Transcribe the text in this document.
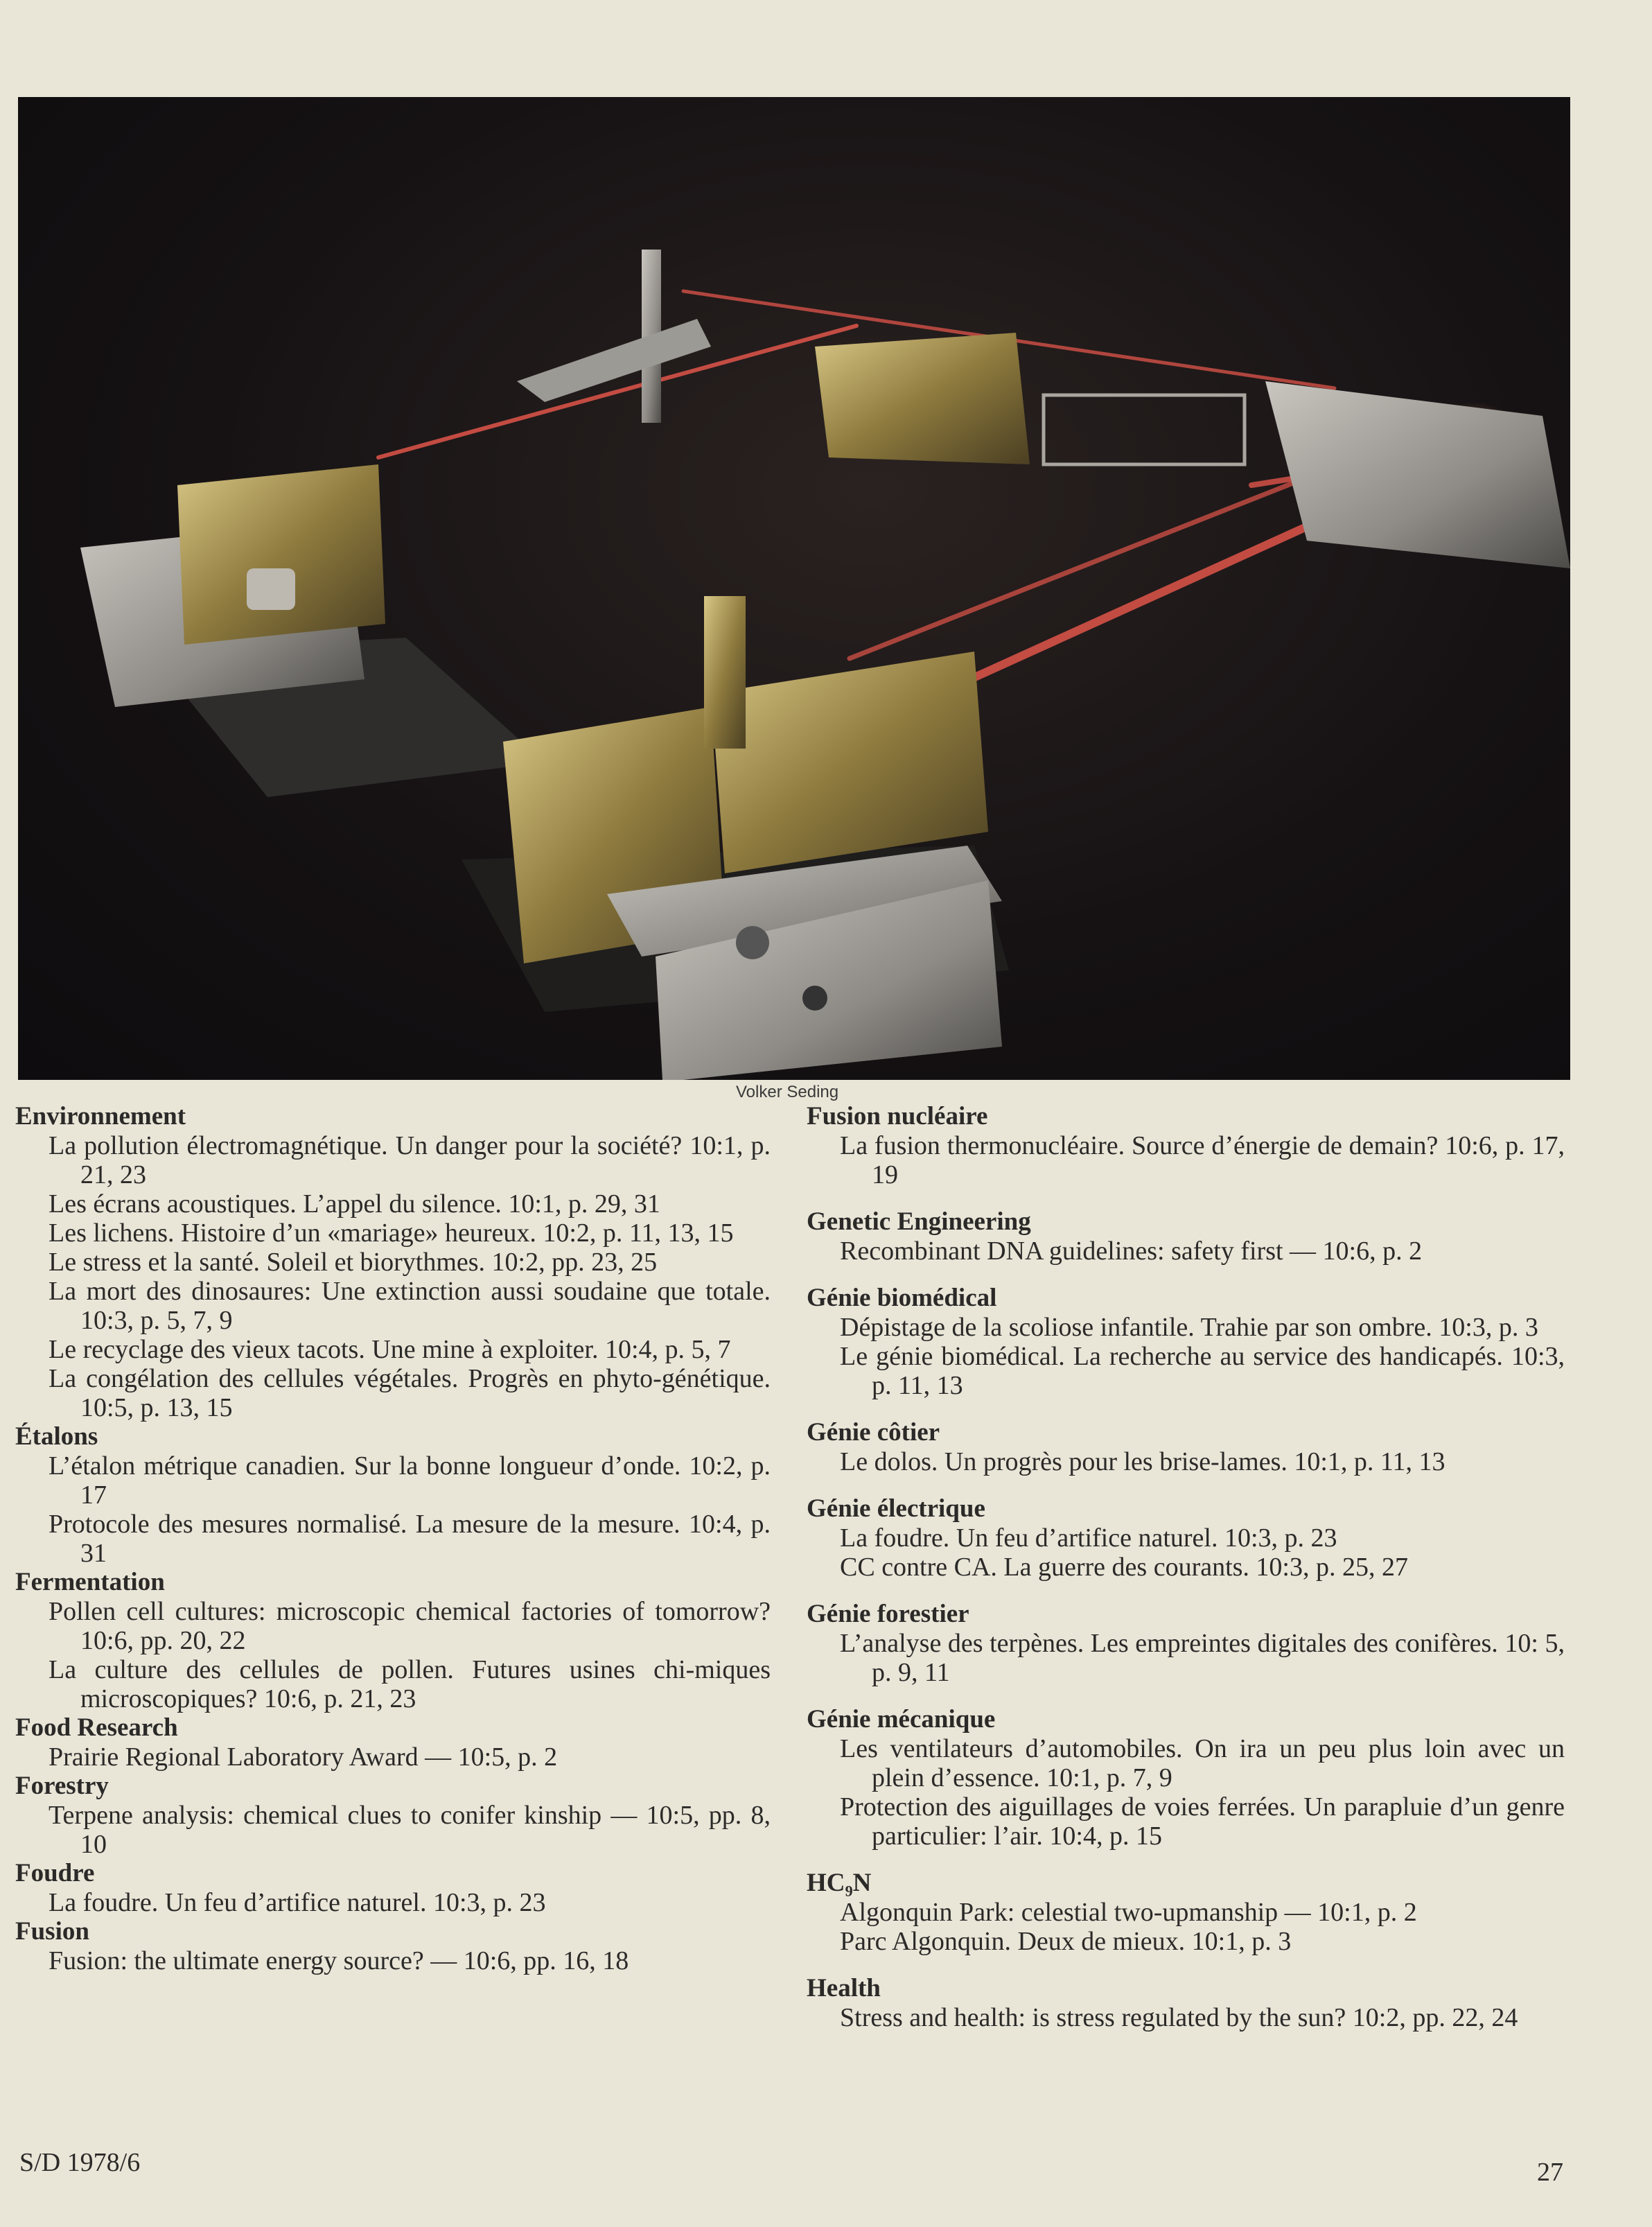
Volker Seding
Environnement
La pollution électromagnétique. Un danger pour la société? 10:1, p. 21, 23
Les écrans acoustiques. L’appel du silence. 10:1, p. 29, 31
Les lichens. Histoire d’un «mariage» heureux. 10:2, p. 11, 13, 15
Le stress et la santé. Soleil et biorythmes. 10:2, pp. 23, 25
La mort des dinosaures: Une extinction aussi soudaine que totale. 10:3, p. 5, 7, 9
Le recyclage des vieux tacots. Une mine à exploiter. 10:4, p. 5, 7
La congélation des cellules végétales. Progrès en phyto-génétique. 10:5, p. 13, 15
Étalons
L’étalon métrique canadien. Sur la bonne longueur d’onde. 10:2, p. 17
Protocole des mesures normalisé. La mesure de la mesure. 10:4, p. 31
Fermentation
Pollen cell cultures: microscopic chemical factories of tomorrow? 10:6, pp. 20, 22
La culture des cellules de pollen. Futures usines chi-miques microscopiques? 10:6, p. 21, 23
Food Research
Prairie Regional Laboratory Award — 10:5, p. 2
Forestry
Terpene analysis: chemical clues to conifer kinship — 10:5, pp. 8, 10
Foudre
La foudre. Un feu d’artifice naturel. 10:3, p. 23
Fusion
Fusion: the ultimate energy source? — 10:6, pp. 16, 18
Fusion nucléaire
La fusion thermonucléaire. Source d’énergie de demain? 10:6, p. 17, 19
Genetic Engineering
Recombinant DNA guidelines: safety first — 10:6, p. 2
Génie biomédical
Dépistage de la scoliose infantile. Trahie par son ombre. 10:3, p. 3
Le génie biomédical. La recherche au service des handicapés. 10:3, p. 11, 13
Génie côtier
Le dolos. Un progrès pour les brise-lames. 10:1, p. 11, 13
Génie électrique
La foudre. Un feu d’artifice naturel. 10:3, p. 23
CC contre CA. La guerre des courants. 10:3, p. 25, 27
Génie forestier
L’analyse des terpènes. Les empreintes digitales des conifères. 10: 5, p. 9, 11
Génie mécanique
Les ventilateurs d’automobiles. On ira un peu plus loin avec un plein d’essence. 10:1, p. 7, 9
Protection des aiguillages de voies ferrées. Un parapluie d’un genre particulier: l’air. 10:4, p. 15
HC₉N
Algonquin Park: celestial two-upmanship — 10:1, p. 2
Parc Algonquin. Deux de mieux. 10:1, p. 3
Health
Stress and health: is stress regulated by the sun? 10:2, pp. 22, 24
S/D 1978/6	27
